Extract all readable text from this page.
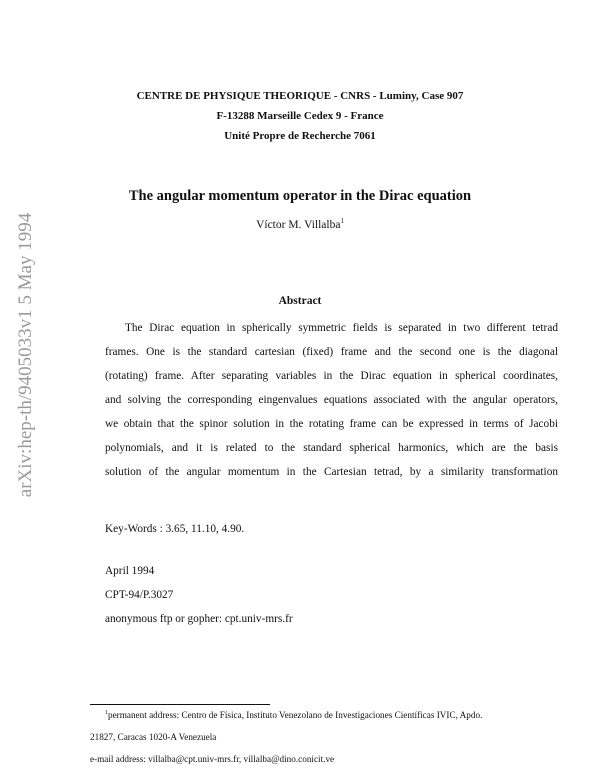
arXiv:hep-th/9405033v1 5 May 1994
CENTRE DE PHYSIQUE THEORIQUE - CNRS - Luminy, Case 907
F-13288 Marseille Cedex 9 - France
Unité Propre de Recherche 7061
The angular momentum operator in the Dirac equation
Víctor M. Villalba$^1$
Abstract
The Dirac equation in spherically symmetric fields is separated in two different tetrad
frames. One is the standard cartesian (fixed) frame and the second one is the diagonal
(rotating) frame. After separating variables in the Dirac equation in spherical coordinates,
and solving the corresponding eingenvalues equations associated with the angular operators,
we obtain that the spinor solution in the rotating frame can be expressed in terms of Jacobi
polynomials, and it is related to the standard spherical harmonics, which are the basis
solution of the angular momentum in the Cartesian tetrad, by a similarity transformation
Key-Words : 3.65, 11.10, 4.90.
April 1994
CPT-94/P.3027
anonymous ftp or gopher: cpt.univ-mrs.fr
$^1$permanent address: Centro de Física, Instituto Venezolano de Investigaciones Científicas IVIC, Apdo.
21827, Caracas 1020-A Venezuela
e-mail address: villalba@cpt.univ-mrs.fr, villalba@dino.conicit.ve
